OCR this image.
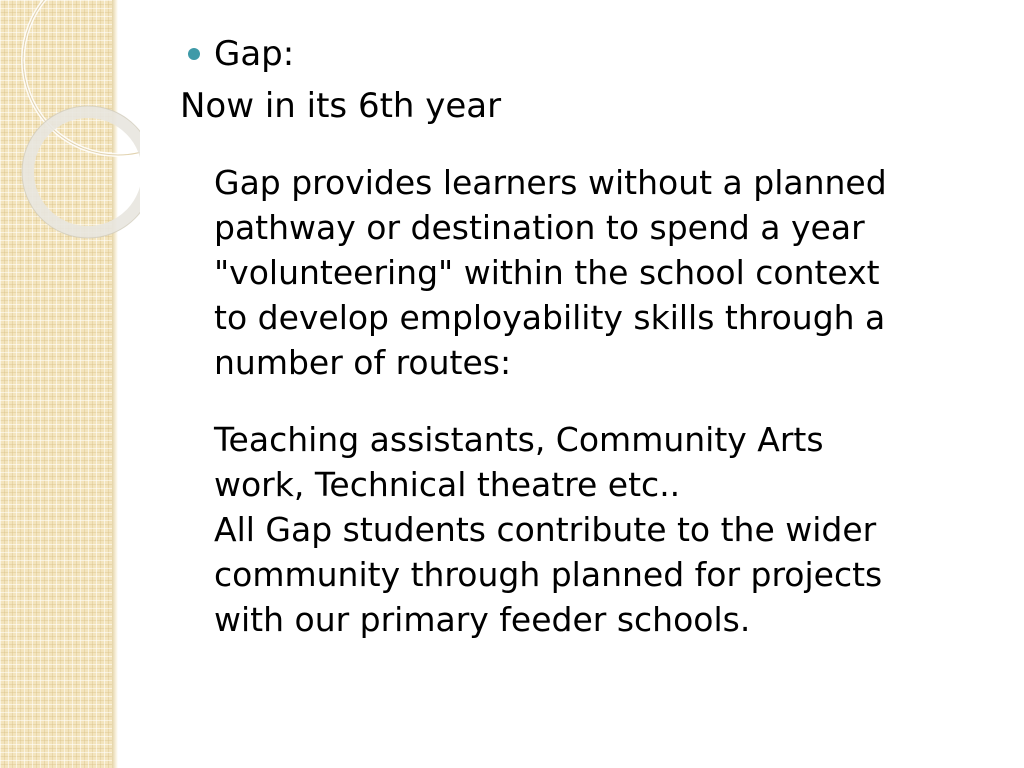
Gap:
Now in its 6th year
Gap provides learners without a planned
pathway or destination to spend a year
"volunteering" within the school context
to develop employability skills through a
number of routes:
Teaching assistants, Community Arts
work, Technical theatre etc..
All Gap students contribute to the wider
community through planned for projects
with our primary feeder schools.
